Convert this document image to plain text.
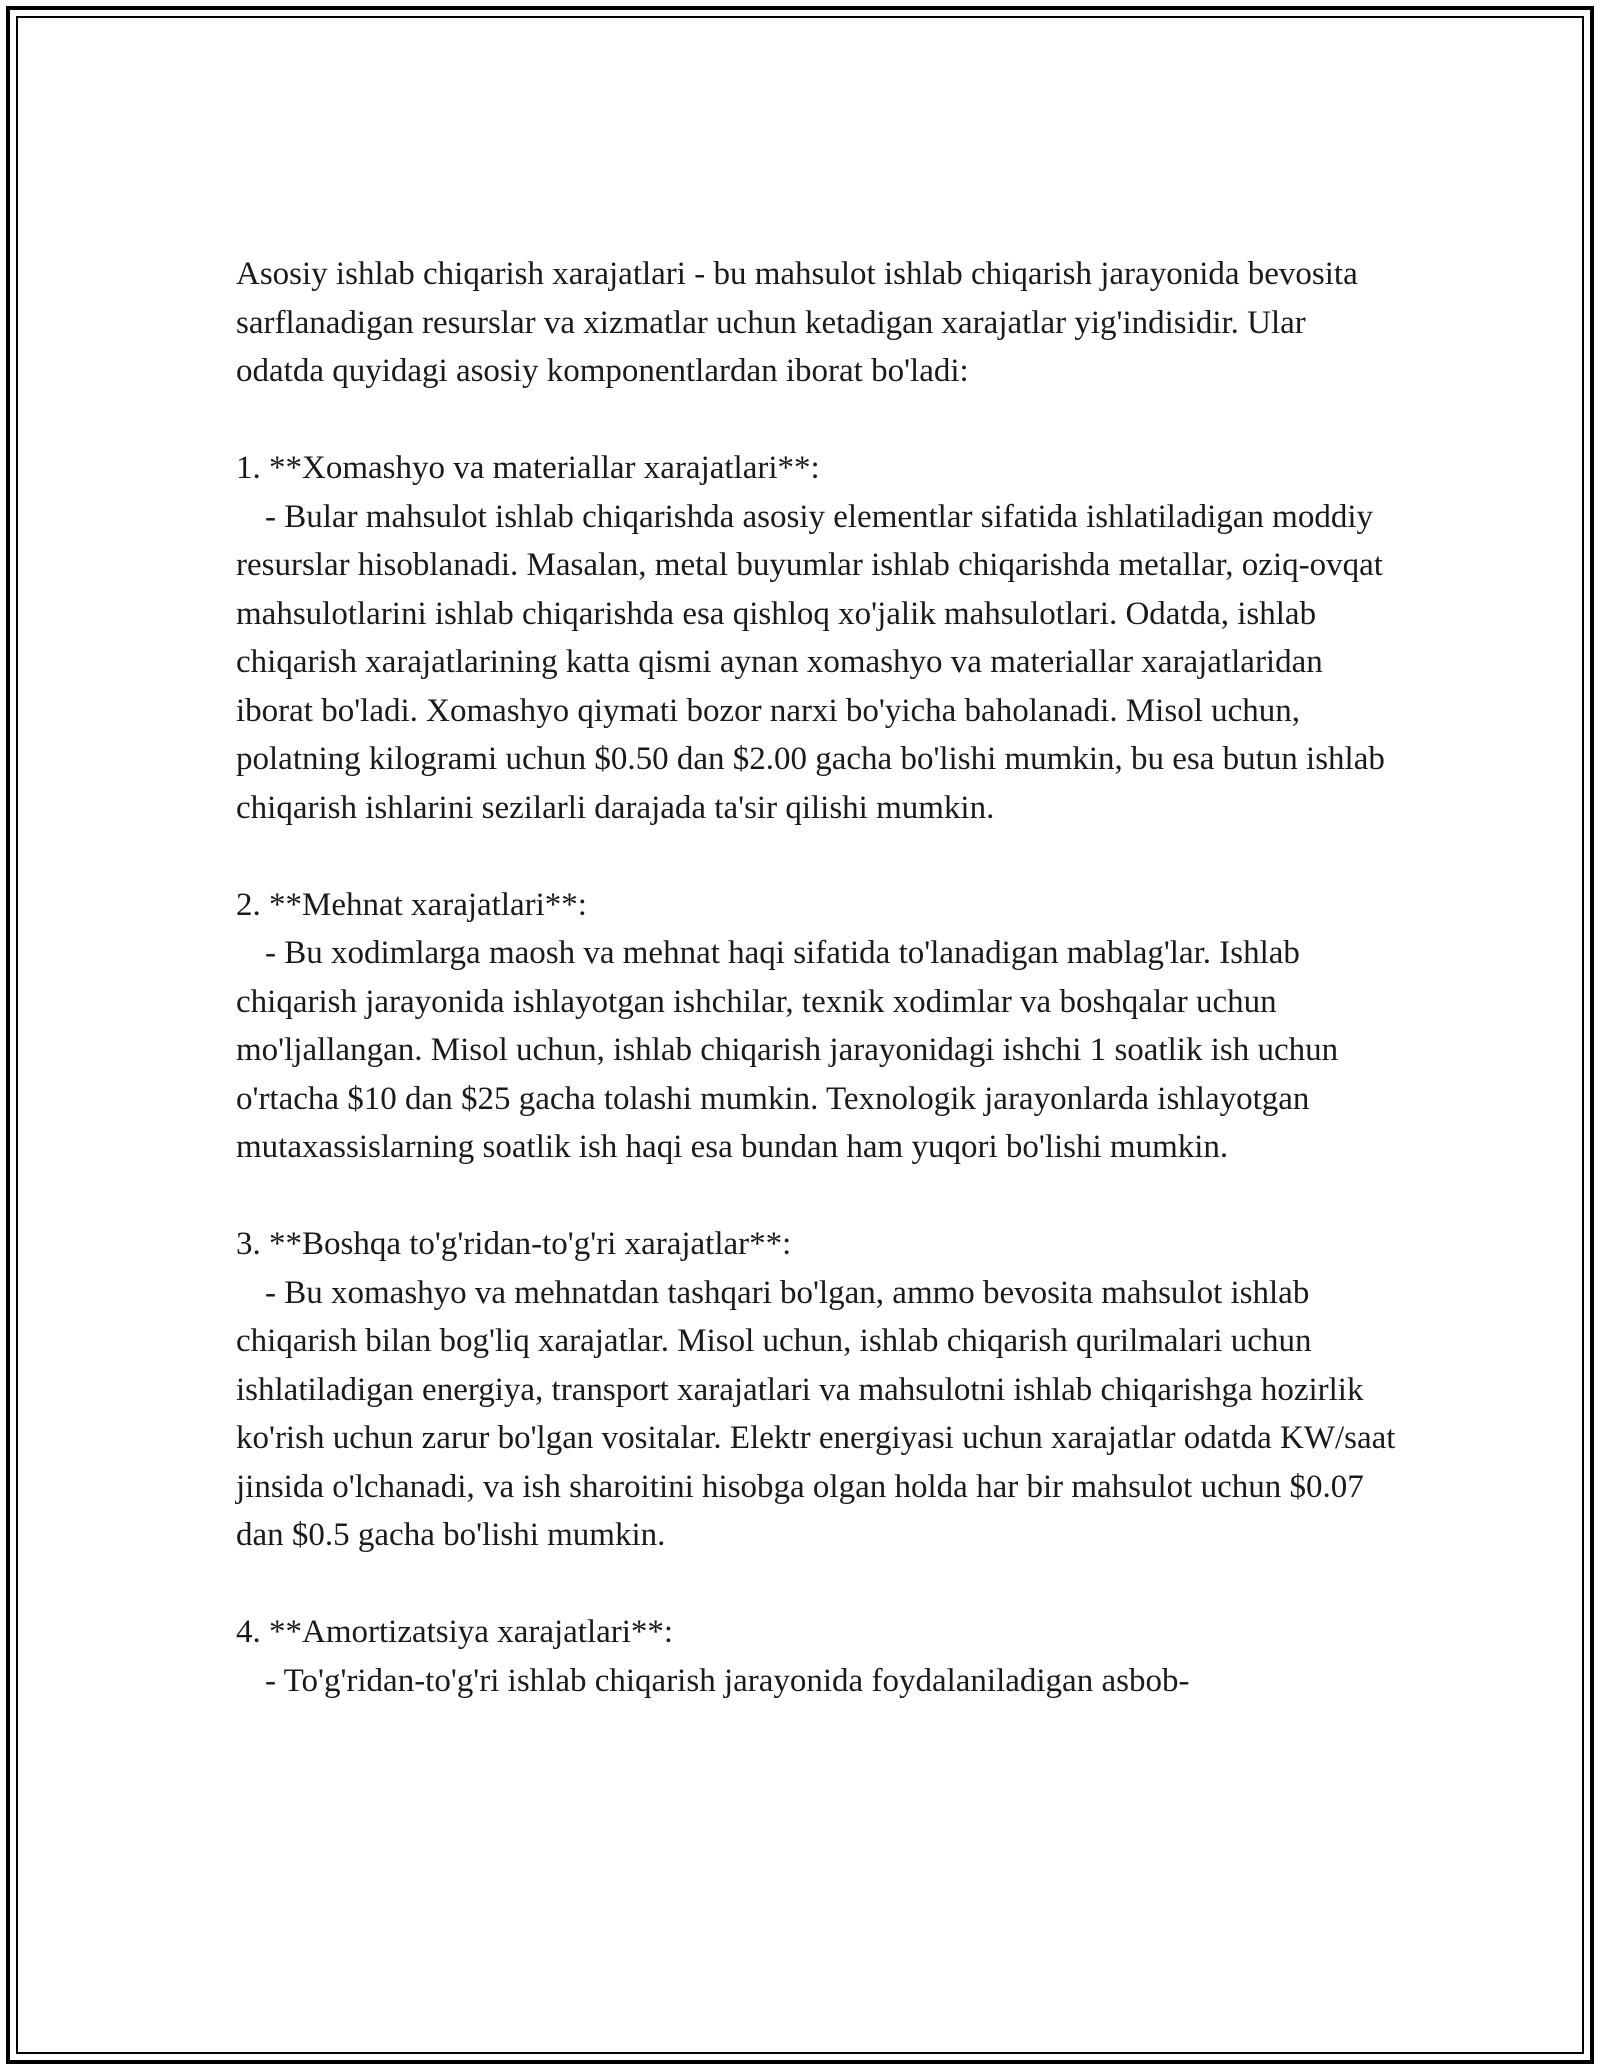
Asosiy ishlab chiqarish xarajatlari - bu mahsulot ishlab chiqarish jarayonida bevosita sarflanadigan resurslar va xizmatlar uchun ketadigan xarajatlar yig'indisidir. Ular odatda quyidagi asosiy komponentlardan iborat bo'ladi:

1. **Xomashyo va materiallar xarajatlari**:

- Bular mahsulot ishlab chiqarishda asosiy elementlar sifatida ishlatiladigan moddiy resurslar hisoblanadi. Masalan, metal buyumlar ishlab chiqarishda metallar, oziq-ovqat mahsulotlarini ishlab chiqarishda esa qishloq xo'jalik mahsulotlari. Odatda, ishlab chiqarish xarajatlarining katta qismi aynan xomashyo va materiallar xarajatlaridan iborat bo'ladi. Xomashyo qiymati bozor narxi bo'yicha baholanadi. Misol uchun, polatning kilogrami uchun $0.50 dan $2.00 gacha bo'lishi mumkin, bu esa butun ishlab chiqarish ishlarini sezilarli darajada ta'sir qilishi mumkin.

2. **Mehnat xarajatlari**:

- Bu xodimlarga maosh va mehnat haqi sifatida to'lanadigan mablag'lar. Ishlab chiqarish jarayonida ishlayotgan ishchilar, texnik xodimlar va boshqalar uchun mo'ljallangan. Misol uchun, ishlab chiqarish jarayonidagi ishchi 1 soatlik ish uchun o'rtacha $10 dan $25 gacha tolashi mumkin. Texnologik jarayonlarda ishlayotgan mutaxassislarning soatlik ish haqi esa bundan ham yuqori bo'lishi mumkin.

3. **Boshqa to'g'ridan-to'g'ri xarajatlar**:

- Bu xomashyo va mehnatdan tashqari bo'lgan, ammo bevosita mahsulot ishlab chiqarish bilan bog'liq xarajatlar. Misol uchun, ishlab chiqarish qurilmalari uchun ishlatiladigan energiya, transport xarajatlari va mahsulotni ishlab chiqarishga hozirlik ko'rish uchun zarur bo'lgan vositalar. Elektr energiyasi uchun xarajatlar odatda KW/saat jinsida o'lchanadi, va ish sharoitini hisobga olgan holda har bir mahsulot uchun $0.07 dan $0.5 gacha bo'lishi mumkin.

4. **Amortizatsiya xarajatlari**:

- To'g'ridan-to'g'ri ishlab chiqarish jarayonida foydalaniladigan asbob-
